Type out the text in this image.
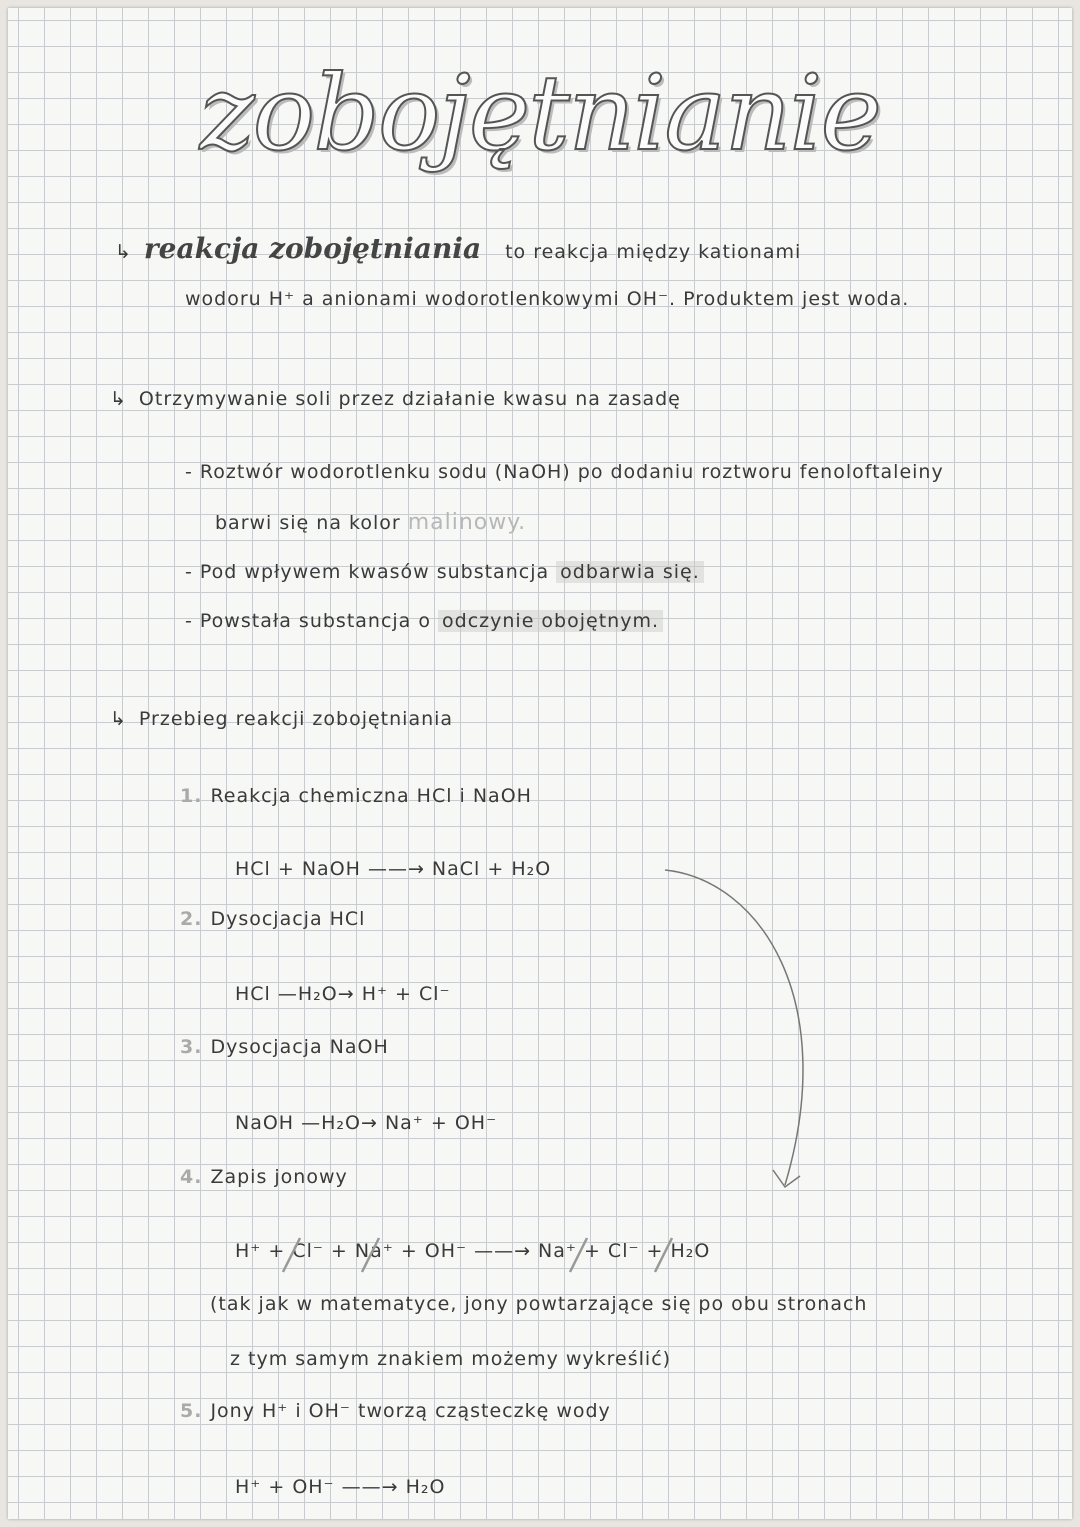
zobojętnianie
↳ reakcja zobojętniania to reakcja między kationami
wodoru H⁺ a anionami wodorotlenkowymi OH⁻. Produktem jest woda.
↳ Otrzymywanie soli przez działanie kwasu na zasadę
- Roztwór wodorotlenku sodu (NaOH) po dodaniu roztworu fenoloftaleiny
barwi się na kolor malinowy.
- Pod wpływem kwasów substancja odbarwia się.
- Powstała substancja o odczynie obojętnym.
↳ Przebieg reakcji zobojętniania
1. Reakcja chemiczna HCl i NaOH
HCl + NaOH ——→ NaCl + H₂O
2. Dysocjacja HCl
HCl —H₂O→ H⁺ + Cl⁻
3. Dysocjacja NaOH
NaOH —H₂O→ Na⁺ + OH⁻
4. Zapis jonowy
H⁺ + Cl⁻ + Na⁺ + OH⁻ ——→ Na⁺ + Cl⁻ + H₂O
(tak jak w matematyce, jony powtarzające się po obu stronach
z tym samym znakiem możemy wykreślić)
5. Jony H⁺ i OH⁻ tworzą cząsteczkę wody
H⁺ + OH⁻ ——→ H₂O
